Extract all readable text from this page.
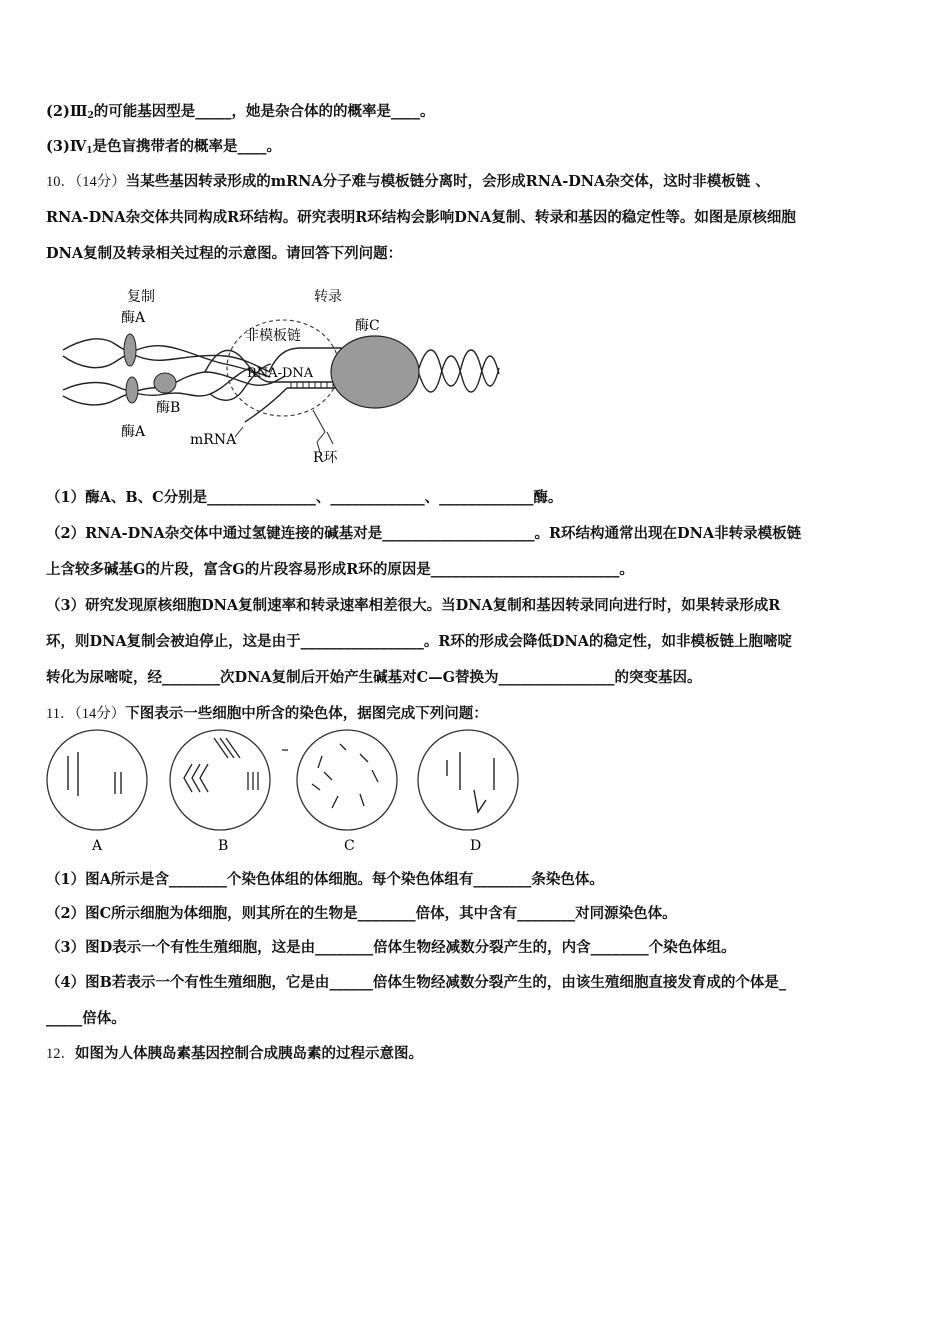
$(2)Ⅲ_2$的可能基因型是_____，她是杂合体的的概率是____。
$(3)Ⅳ_1$是色盲携带者的概率是____。
10．（14分）当某些基因转录形成的mRNA分子难与模板链分离时，会形成RNA-DNA杂交体，这时非模板链 、
RNA-DNA杂交体共同构成R环结构。研究表明R环结构会影响DNA复制、转录和基因的稳定性等。如图是原核细胞
DNA复制及转录相关过程的示意图。请回答下列问题：
复制	转录
酶A
酶A
酶B
酶C
非模板链
RNA-DNA
mRNA
R环
（1）酶A、B、C分别是_______________、_____________、_____________酶。
（2）RNA-DNA杂交体中通过氢键连接的碱基对是_____________________。R环结构通常出现在DNA非转录模板链
上含较多碱基G的片段，富含G的片段容易形成R环的原因是__________________________。
（3）研究发现原核细胞DNA复制速率和转录速率相差很大。当DNA复制和基因转录同向进行时，如果转录形成R
环，则DNA复制会被迫停止，这是由于_________________。R环的形成会降低DNA的稳定性，如非模板链上胞嘧啶
转化为尿嘧啶，经________次DNA复制后开始产生碱基对C—G替换为________________的突变基因。
11．（14分）下图表示一些细胞中所含的染色体，据图完成下列问题：
A	B	C	D
（1）图A所示是含________个染色体组的体细胞。每个染色体组有________条染色体。
（2）图C所示细胞为体细胞，则其所在的生物是________倍体，其中含有________对同源染色体。
（3）图D表示一个有性生殖细胞，这是由________倍体生物经减数分裂产生的，内含________个染色体组。
（4）图B若表示一个有性生殖细胞，它是由______倍体生物经减数分裂产生的，由该生殖细胞直接发育成的个体是_
_____倍体。
12．如图为人体胰岛素基因控制合成胰岛素的过程示意图。
